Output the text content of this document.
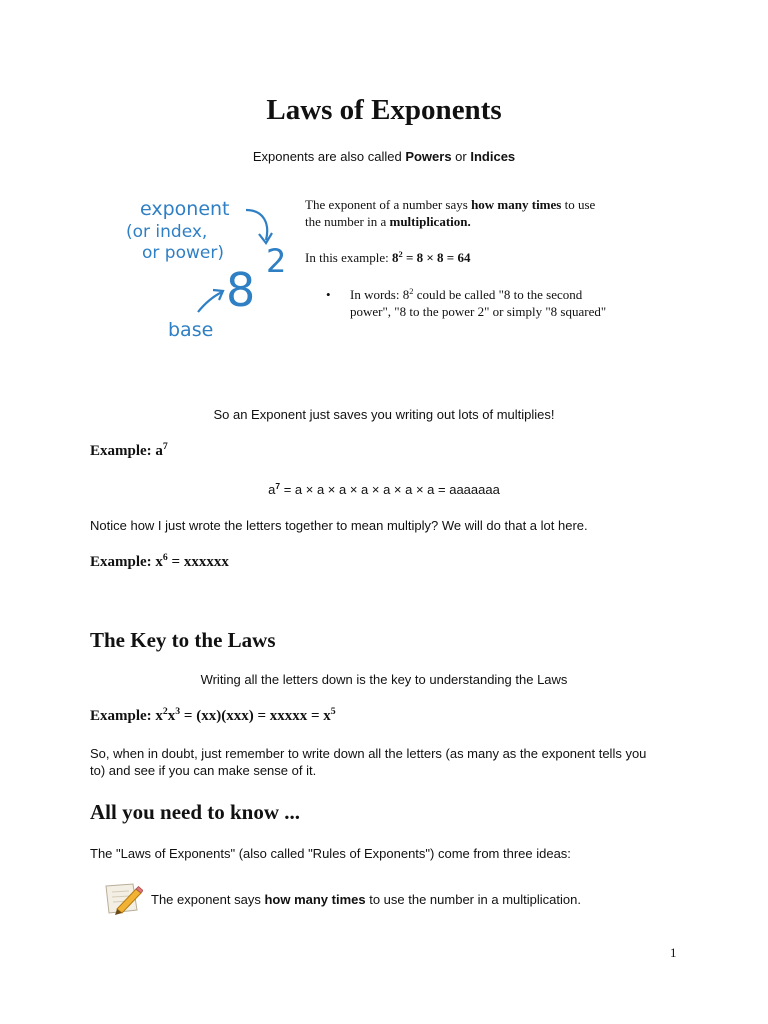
Laws of Exponents
Exponents are also called Powers or Indices
exponent
(or index,
or power)
8
2
base
The exponent of a number says how many times to use
the number in a multiplication.
In this example: $8^2 = 8 \times 8 = 64$
• In words: $8^2$ could be called "8 to the second
power", "8 to the power 2" or simply "8 squared"
So an Exponent just saves you writing out lots of multiplies!
Example: $a^7$
$a^7 = a \times a \times a \times a \times a \times a \times a$ = aaaaaaa
Notice how I just wrote the letters together to mean multiply? We will do that a lot here.
Example: $x^6$ = xxxxxx
The Key to the Laws
Writing all the letters down is the key to understanding the Laws
Example: $x^2x^3 = (xx)(xxx)$ = xxxxx = $x^5$
So, when in doubt, just remember to write down all the letters (as many as the exponent tells you
to) and see if you can make sense of it.
All you need to know ...
The "Laws of Exponents" (also called "Rules of Exponents") come from three ideas:
The exponent says how many times to use the number in a multiplication.
1
